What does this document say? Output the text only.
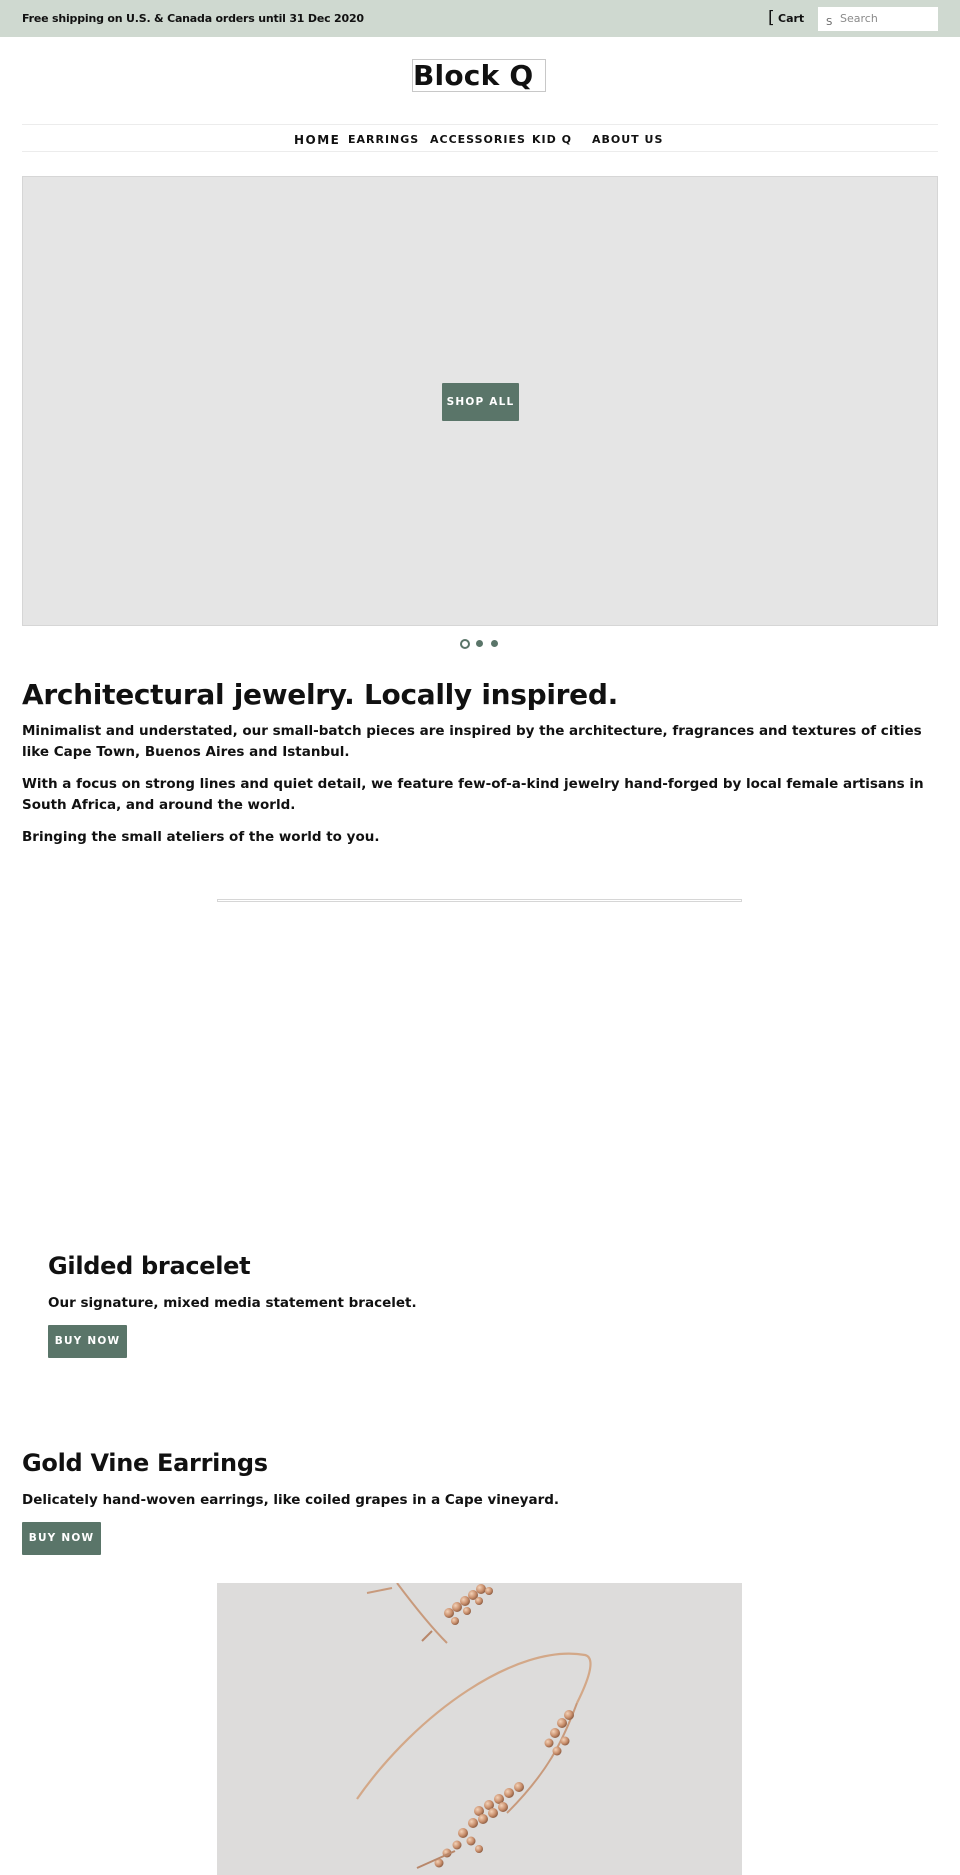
Free shipping on U.S. & Canada orders until 31 Dec 2020	[ Cart S
Search
Block Q
HOME EARRINGS ACCESSORIES KID Q ABOUT US
SHOP ALL
Architectural jewelry. Locally inspired.

Minimalist and understated, our small-batch pieces are inspired by the architecture, fragrances and textures of cities like Cape Town, Buenos Aires and Istanbul.

With a focus on strong lines and quiet detail, we feature few-of-a-kind jewelry hand-forged by local female artisans in South Africa, and around the world.

Bringing the small ateliers of the world to you.

Gilded bracelet

Our signature, mixed media statement bracelet.

BUY NOW
Gold Vine Earrings

Delicately hand-woven earrings, like coiled grapes in a Cape vineyard.

BUY NOW
